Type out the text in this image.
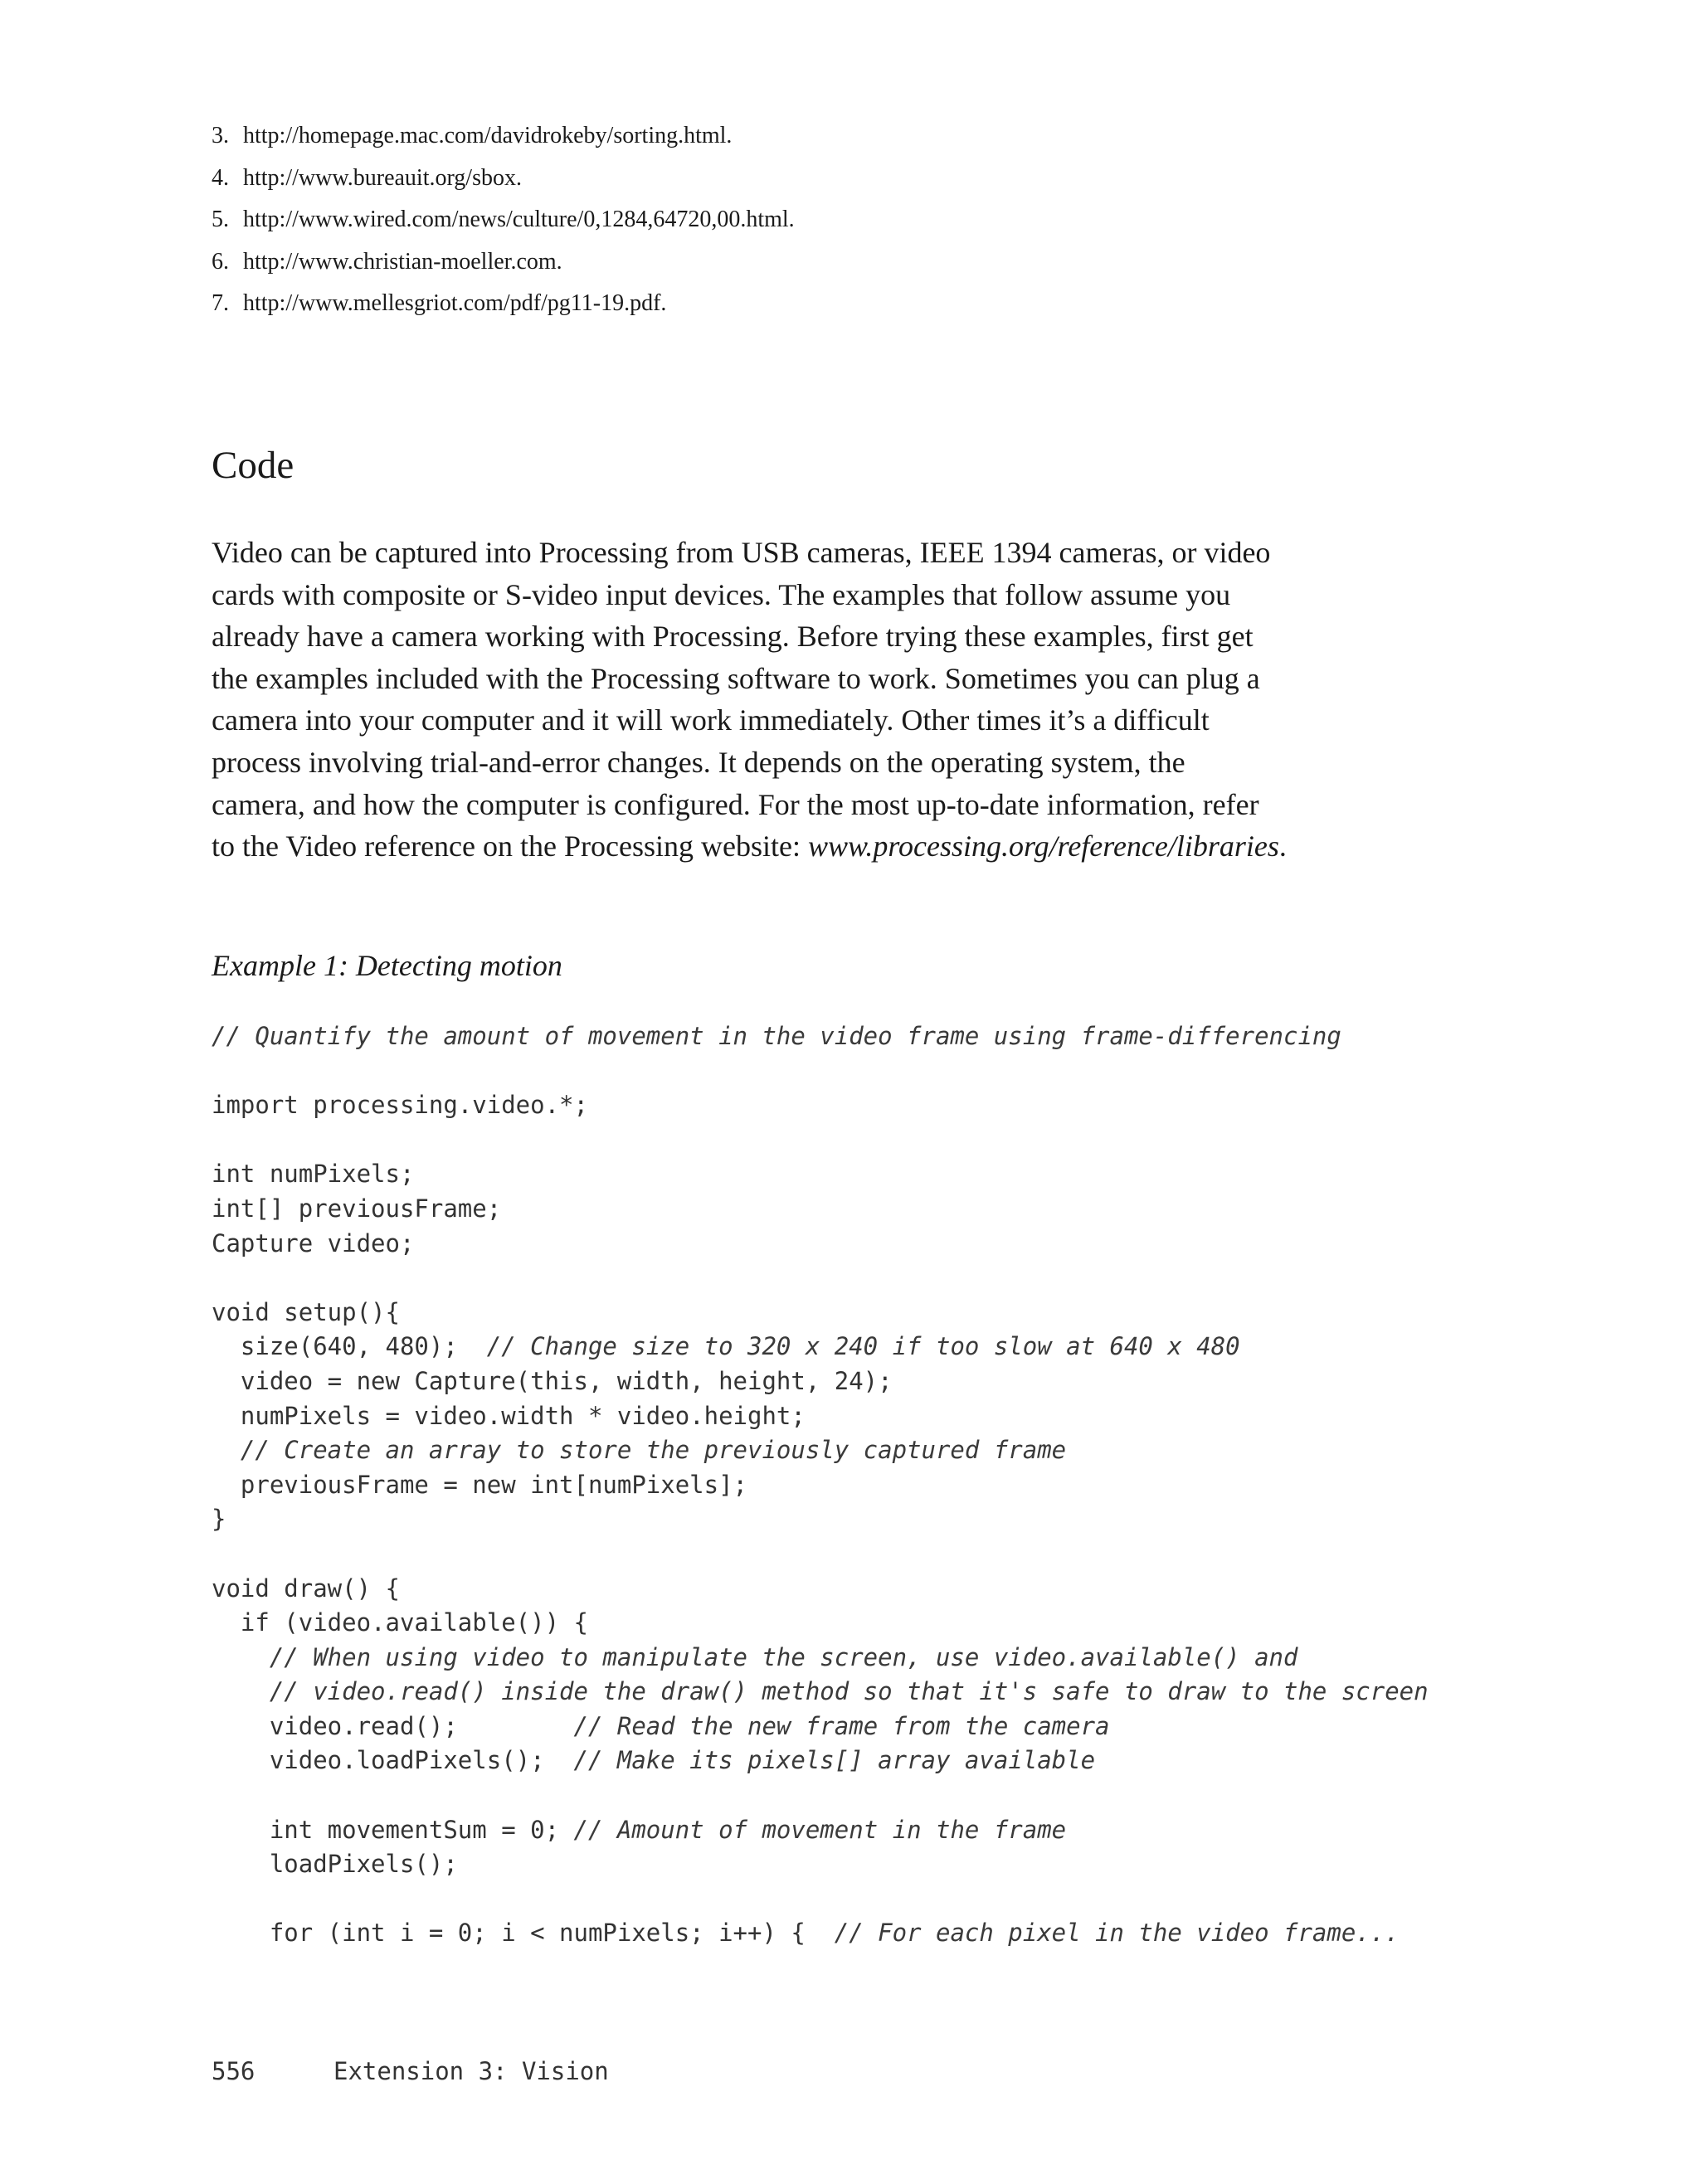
3. http://homepage.mac.com/davidrokeby/sorting.html.
4. http://www.bureauit.org/sbox.
5. http://www.wired.com/news/culture/0,1284,64720,00.html.
6. http://www.christian-moeller.com.
7. http://www.mellesgriot.com/pdf/pg11-19.pdf.
Code

Video can be captured into Processing from USB cameras, IEEE 1394 cameras, or video
cards with composite or S-video input devices. The examples that follow assume you
already have a camera working with Processing. Before trying these examples, first get
the examples included with the Processing software to work. Sometimes you can plug a
camera into your computer and it will work immediately. Other times it’s a difficult
process involving trial-and-error changes. It depends on the operating system, the
camera, and how the computer is configured. For the most up-to-date information, refer
to the Video reference on the Processing website: www.processing.org/reference/libraries.

Example 1: Detecting motion
// Quantify the amount of movement in the video frame using frame-differencing
import processing.video.*;
int numPixels;
int[] previousFrame;
Capture video;
void setup(){
size(640, 480);  // Change size to 320 x 240 if too slow at 640 x 480
video = new Capture(this, width, height, 24);
numPixels = video.width * video.height;
// Create an array to store the previously captured frame
previousFrame = new int[numPixels];
}
void draw() {
if (video.available()) {
// When using video to manipulate the screen, use video.available() and
// video.read() inside the draw() method so that it's safe to draw to the screen
video.read();        // Read the new frame from the camera
video.loadPixels();  // Make its pixels[] array available
int movementSum = 0; // Amount of movement in the frame
loadPixels();
for (int i = 0; i < numPixels; i++) {  // For each pixel in the video frame...
556	Extension 3: Vision
